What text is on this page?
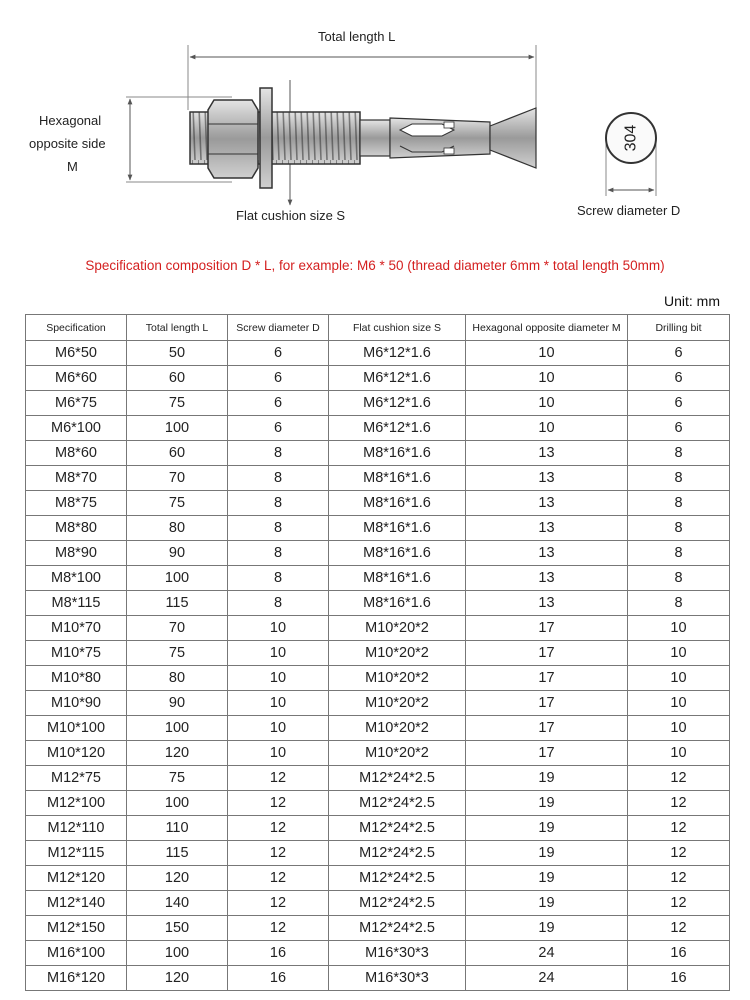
304
Total length L
Hexagonal
opposite side
M
Flat cushion size S	Screw diameter D
Specification composition D * L, for example: M6 * 50 (thread diameter 6mm * total length 50mm)
Unit: mm
Specification	Total length L	Screw diameter D	Flat cushion size S	Hexagonal opposite diameter M	Drilling bit
M6*50	50	6	M6*12*1.6	10	6
M6*60	60	6	M6*12*1.6	10	6
M6*75	75	6	M6*12*1.6	10	6
M6*100	100	6	M6*12*1.6	10	6
M8*60	60	8	M8*16*1.6	13	8
M8*70	70	8	M8*16*1.6	13	8
M8*75	75	8	M8*16*1.6	13	8
M8*80	80	8	M8*16*1.6	13	8
M8*90	90	8	M8*16*1.6	13	8
M8*100	100	8	M8*16*1.6	13	8
M8*115	115	8	M8*16*1.6	13	8
M10*70	70	10	M10*20*2	17	10
M10*75	75	10	M10*20*2	17	10
M10*80	80	10	M10*20*2	17	10
M10*90	90	10	M10*20*2	17	10
M10*100	100	10	M10*20*2	17	10
M10*120	120	10	M10*20*2	17	10
M12*75	75	12	M12*24*2.5	19	12
M12*100	100	12	M12*24*2.5	19	12
M12*110	110	12	M12*24*2.5	19	12
M12*115	115	12	M12*24*2.5	19	12
M12*120	120	12	M12*24*2.5	19	12
M12*140	140	12	M12*24*2.5	19	12
M12*150	150	12	M12*24*2.5	19	12
M16*100	100	16	M16*30*3	24	16
M16*120	120	16	M16*30*3	24	16
